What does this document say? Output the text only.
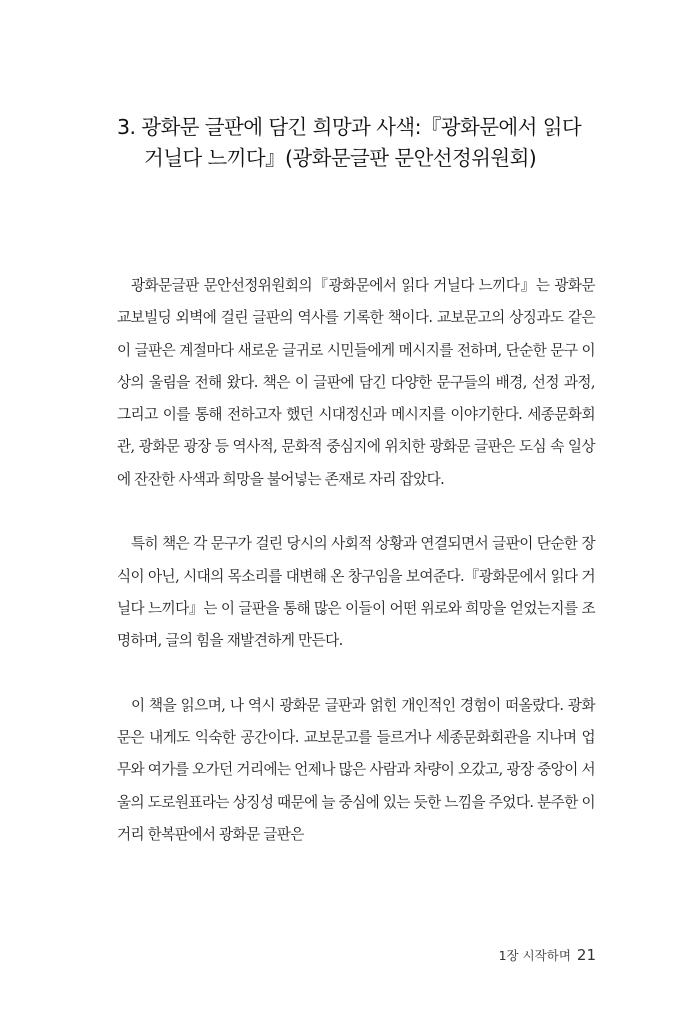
3. 광화문 글판에 담긴 희망과 사색:『광화문에서 읽다
거닐다 느끼다』(광화문글판 문안선정위원회)

광화문글판 문안선정위원회의『광화문에서 읽다 거닐다 느끼다』는 광화문 교보빌딩 외벽에 걸린 글판의 역사를 기록한 책이다. 교보문고의 상징과도 같은 이 글판은 계절마다 새로운 글귀로 시민들에게 메시지를 전하며, 단순한 문구 이상의 울림을 전해 왔다. 책은 이 글판에 담긴 다양한 문구들의 배경, 선정 과정, 그리고 이를 통해 전하고자 했던 시대정신과 메시지를 이야기한다. 세종문화회관, 광화문 광장 등 역사적, 문화적 중심지에 위치한 광화문 글판은 도심 속 일상에 잔잔한 사색과 희망을 불어넣는 존재로 자리 잡았다.

특히 책은 각 문구가 걸린 당시의 사회적 상황과 연결되면서 글판이 단순한 장식이 아닌, 시대의 목소리를 대변해 온 창구임을 보여준다.『광화문에서 읽다 거닐다 느끼다』는 이 글판을 통해 많은 이들이 어떤 위로와 희망을 얻었는지를 조명하며, 글의 힘을 재발견하게 만든다.

이 책을 읽으며, 나 역시 광화문 글판과 얽힌 개인적인 경험이 떠올랐다. 광화문은 내게도 익숙한 공간이다. 교보문고를 들르거나 세종문화회관을 지나며 업무와 여가를 오가던 거리에는 언제나 많은 사람과 차량이 오갔고, 광장 중앙이 서울의 도로원표라는 상징성 때문에 늘 중심에 있는 듯한 느낌을 주었다. 분주한 이 거리 한복판에서 광화문 글판은

1장 시작하며 21
